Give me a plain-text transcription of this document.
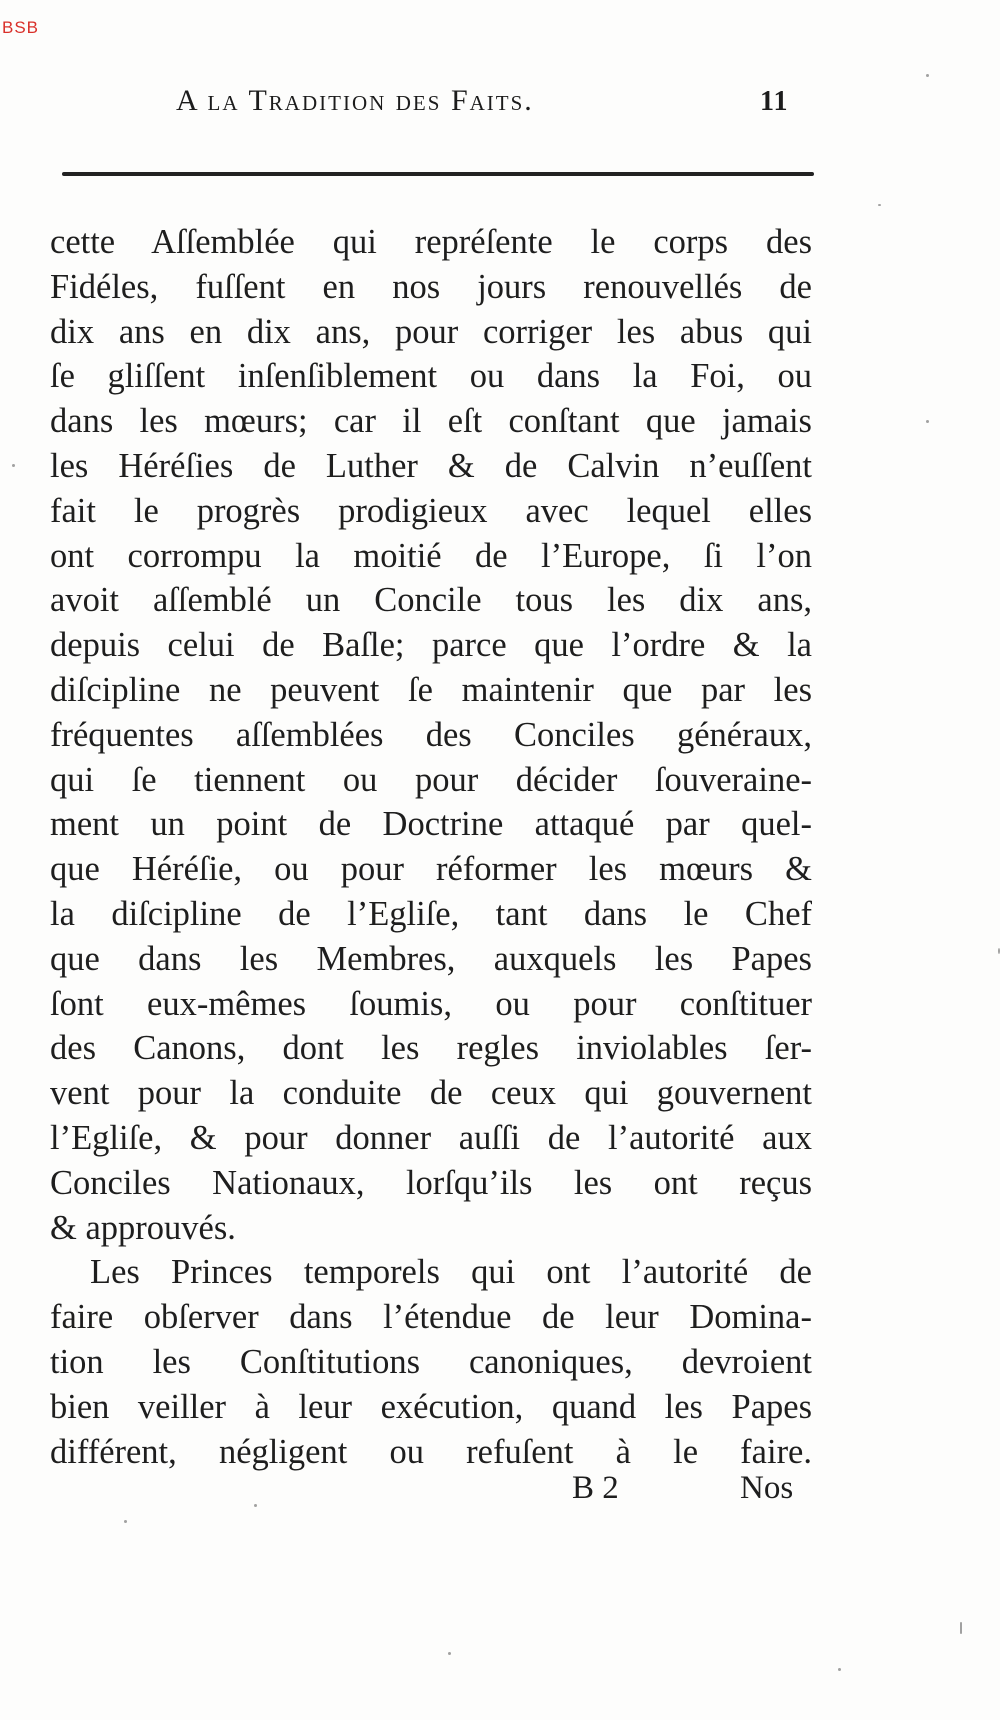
BSB
A la Tradition des Faits.	11
cette Aſſemblée qui repréſente le corps des
Fidéles, fuſſent en nos jours renouvellés de
dix ans en dix ans, pour corriger les abus qui
ſe gliſſent inſenſiblement ou dans la Foi, ou
dans les mœurs; car il eſt conſtant que jamais
les Héréſies de Luther & de Calvin n’euſſent
fait le progrès prodigieux avec lequel elles
ont corrompu la moitié de l’Europe, ſi l’on
avoit aſſemblé un Concile tous les dix ans,
depuis celui de Baſle; parce que l’ordre & la
diſcipline ne peuvent ſe maintenir que par les
fréquentes aſſemblées des Conciles généraux,
qui ſe tiennent ou pour décider ſouveraine-
ment un point de Doctrine attaqué par quel-
que Héréſie, ou pour réformer les mœurs &
la diſcipline de l’Egliſe, tant dans le Chef
que dans les Membres, auxquels les Papes
ſont eux-mêmes ſoumis, ou pour conſtituer
des Canons, dont les regles inviolables ſer-
vent pour la conduite de ceux qui gouvernent
l’Egliſe, & pour donner auſſi de l’autorité aux
Conciles Nationaux, lorſqu’ils les ont reçus
& approuvés.
Les Princes temporels qui ont l’autorité de
faire obſerver dans l’étendue de leur Domina-
tion les Conſtitutions canoniques, devroient
bien veiller à leur exécution, quand les Papes
différent, négligent ou refuſent à le faire.
B 2	Nos
